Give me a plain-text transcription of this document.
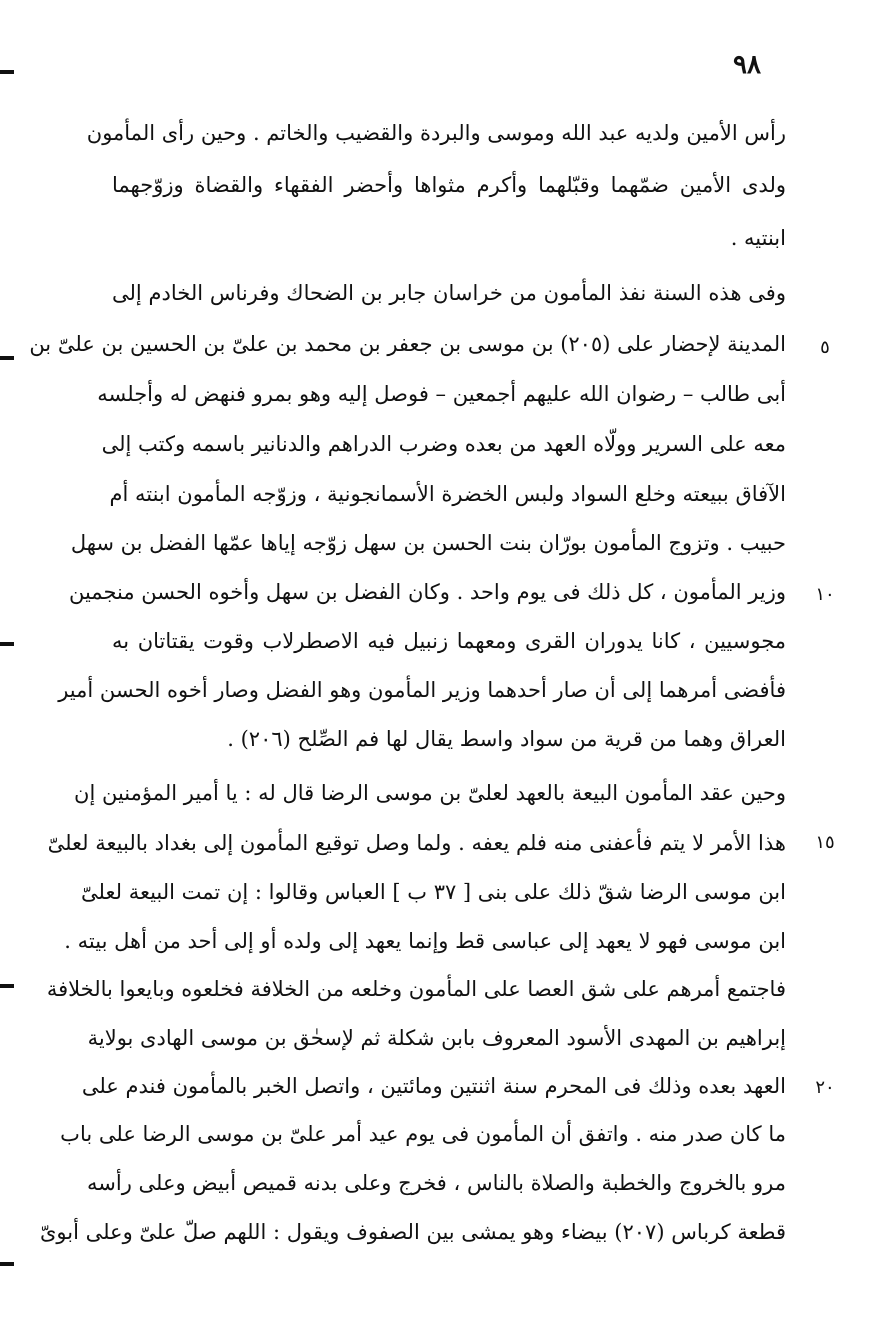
٩٨
٥
١٠
١٥
٢٠
رأس الأمين ولديه عبد الله وموسى والبردة والقضيب والخاتم . وحين رأى المأمون
ولدى الأمين ضمّهما وقبّلهما وأكرم مثواها وأحضر الفقهاء والقضاة وزوّجهما
ابنتيه .
وفى هذه السنة نفذ المأمون من خراسان جابر بن الضحاك وفرناس الخادم إلى
المدينة لإحضار على (٢٠٥) بن موسى بن جعفر بن محمد بن علىّ بن الحسين بن علىّ بن
أبى طالب – رضوان الله عليهم أجمعين – فوصل إليه وهو بمرو فنهض له وأجلسه
معه على السرير وولّاه العهد من بعده وضرب الدراهم والدنانير باسمه وكتب إلى
الآفاق ببيعته وخلع السواد ولبس الخضرة الأسمانجونية ، وزوّجه المأمون ابنته أم
حبيب . وتزوج المأمون بورّان بنت الحسن بن سهل زوّجه إياها عمّها الفضل بن سهل
وزير المأمون ، كل ذلك فى يوم واحد . وكان الفضل بن سهل وأخوه الحسن منجمين
مجوسيين ، كانا يدوران القرى ومعهما زنبيل فيه الاصطرلاب وقوت يقتاتان به
فأفضى أمرهما إلى أن صار أحدهما وزير المأمون وهو الفضل وصار أخوه الحسن أمير
العراق وهما من قرية من سواد واسط يقال لها فم الصِّلح (٢٠٦) .
وحين عقد المأمون البيعة بالعهد لعلىّ بن موسى الرضا قال له : يا أمير المؤمنين إن
هذا الأمر لا يتم فأعفنى منه فلم يعفه . ولما وصل توقيع المأمون إلى بغداد بالبيعة لعلىّ
ابن موسى الرضا شقّ ذلك على بنى [ ٣٧ ب ] العباس وقالوا : إن تمت البيعة لعلىّ
ابن موسى فهو لا يعهد إلى عباسى قط وإنما يعهد إلى ولده أو إلى أحد من أهل بيته .
فاجتمع أمرهم على شق العصا على المأمون وخلعه من الخلافة فخلعوه وبايعوا بالخلافة
إبراهيم بن المهدى الأسود المعروف بابن شكلة ثم لإسحٰق بن موسى الهادى بولاية
العهد بعده وذلك فى المحرم سنة اثنتين ومائتين ، واتصل الخبر بالمأمون فندم على
ما كان صدر منه . واتفق أن المأمون فى يوم عيد أمر علىّ بن موسى الرضا على باب
مرو بالخروج والخطبة والصلاة بالناس ، فخرج وعلى بدنه قميص أبيض وعلى رأسه
قطعة كرباس (٢٠٧) بيضاء وهو يمشى بين الصفوف ويقول : اللهم صلّ علىّ وعلى أبوىّ
